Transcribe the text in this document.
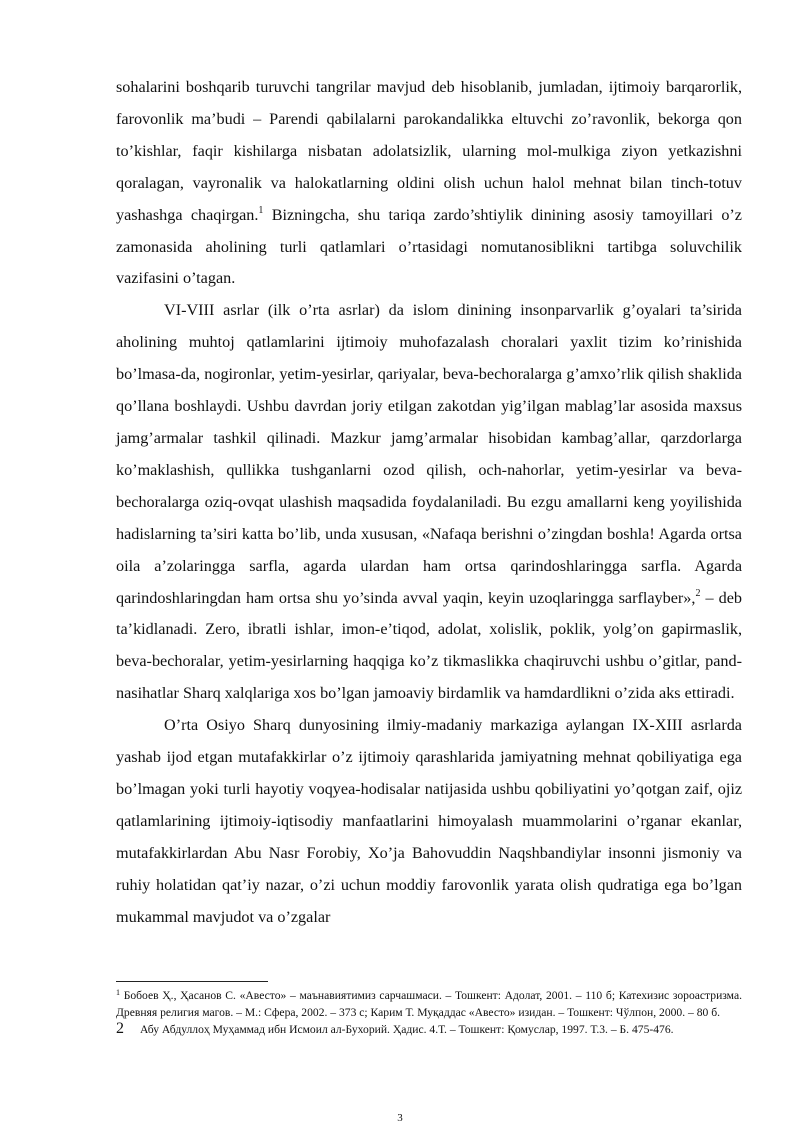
sohalarini boshqarib turuvchi tangrilar mavjud deb hisoblanib, jumladan, ijtimoiy barqarorlik, farovonlik ma’budi – Parendi qabilalarni parokandalikka eltuvchi zo’ravonlik, bekorga qon to’kishlar, faqir kishilarga nisbatan adolatsizlik, ularning mol-mulkiga ziyon yetkazishni qoralagan, vayronalik va halokatlarning oldini olish uchun halol mehnat bilan tinch-totuv yashashga chaqirgan.$^1$ Bizningcha, shu tariqa zardo’shtiylik dinining asosiy tamoyillari o’z zamonasida aholining turli qatlamlari o’rtasidagi nomutanosiblikni tartibga soluvchilik vazifasini o’tagan.

VI-VIII asrlar (ilk o’rta asrlar) da islom dinining insonparvarlik g’oyalari ta’sirida aholining muhtoj qatlamlarini ijtimoiy muhofazalash choralari yaxlit tizim ko’rinishida bo’lmasa-da, nogironlar, yetim-yesirlar, qariyalar, beva-bechoralarga g’amxo’rlik qilish shaklida qo’llana boshlaydi. Ushbu davrdan joriy etilgan zakotdan yig’ilgan mablag’lar asosida maxsus jamg’armalar tashkil qilinadi. Mazkur jamg’armalar hisobidan kambag’allar, qarzdorlarga ko’maklashish, qullikka tushganlarni ozod qilish, och-nahorlar, yetim-yesirlar va beva-bechoralarga oziq-ovqat ulashish maqsadida foydalaniladi. Bu ezgu amallarni keng yoyilishida hadislarning ta’siri katta bo’lib, unda xususan, «Nafaqa berishni o’zingdan boshla! Agarda ortsa oila a’zolaringga sarfla, agarda ulardan ham ortsa qarindoshlaringga sarfla. Agarda qarindoshlaringdan ham ortsa shu yo’sinda avval yaqin, keyin uzoqlaringga sarflaybеr»,$^2$ – deb ta’kidlanadi. Zero, ibratli ishlar, imon-e’tiqod, adolat, xolislik, poklik, yolg’on gapirmaslik, beva-bechoralar, yetim-yesirlarning haqqiga ko’z tikmaslikka chaqiruvchi ushbu o’gitlar, pand-nasihatlar Sharq xalqlariga xos bo’lgan jamoaviy birdamlik va hamdardlikni o’zida aks ettiradi.

O’rta Osiyo Sharq dunyosining ilmiy-madaniy markaziga aylangan IX-XIII asrlarda yashab ijod etgan mutafakkirlar o’z ijtimoiy qarashlarida jamiyatning mehnat qobiliyatiga ega bo’lmagan yoki turli hayotiy voqyea-hodisalar natijasida ushbu qobiliyatini yo’qotgan zaif, ojiz qatlamlarining ijtimoiy-iqtisodiy manfaatlarini himoyalash muammolarini o’rganar ekanlar, mutafakkirlardan Abu Nasr Forobiy, Xo’ja Bahovuddin Naqshbandiylar insonni jismoniy va ruhiy holatidan qat’iy nazar, o’zi uchun moddiy farovonlik yarata olish qudratiga ega bo’lgan mukammal mavjudot va o’zgalar

$^1$ Бобоев Ҳ., Ҳасанов С. «Авесто» – маънавиятимиз сарчашмаси. – Тошкент: Адолат, 2001. – 110 б; Катехизис зороастризма. Древняя религия магов. – М.: Сфера, 2002. – 373 с; Карим Т. Муқаддас «Авесто» изидан. – Тошкент: Чўлпон, 2000. – 80 б.

2 Абу Абдуллоҳ Муҳаммад ибн Исмоил ал-Бухорий. Ҳадис. 4.Т. – Тошкент: Қомуслар, 1997. Т.3. – Б. 475-476.

3
